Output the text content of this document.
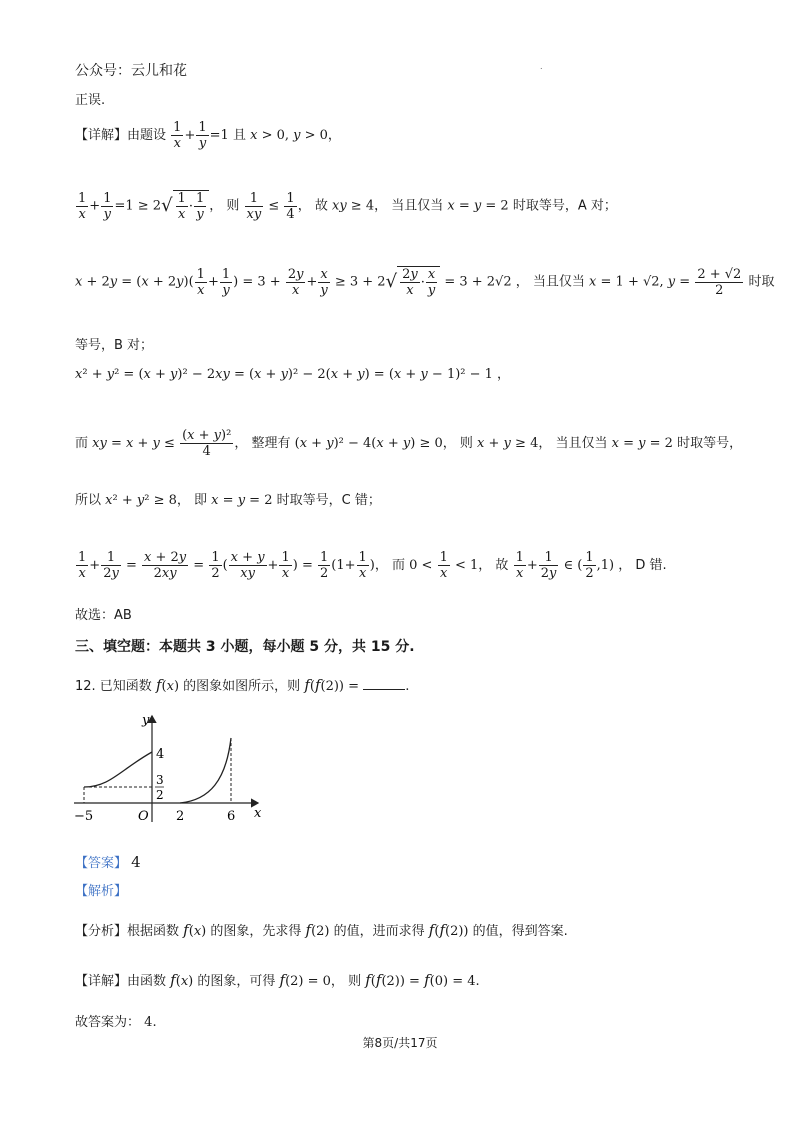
公众号：云儿和花	.
正误.
【详解】由题设 $\frac{1}{x} + \frac{1}{y} =1$ 且 x > 0, y > 0，
$\frac{1}{x} + \frac{1}{y} =1 \ge 2√ \frac{1}{x} \cdot \frac{1}{y}$ ， 则 $\frac{1}{xy} \le \frac{1}{4}$ ， 故 xy ≥ 4， 当且仅当 x = y = 2 时取等号，A 对；
$x + 2y = (x + 2y)( \frac{1}{x} + \frac{1}{y}$ ) = $3 + \frac{2y}{x} + \frac{x}{y} \ge 3 + 2√ \frac{2y}{x} \cdot \frac{x}{y} = 3 + 2√2$ ， 当且仅当 x = 1 + √2, $y = \frac{2 + √2}{2}$ 时取
等号，B 对；
x² + y² = (x + y)² − 2xy = (x + y)² − 2(x + y) = (x + y − 1)² − 1 ，
而 xy = $x + y \le \frac{\text{(x + y)²}}{4}$ ， 整理有 (x + y)² − 4(x + y) ≥ 0， 则 x + y ≥ 4， 当且仅当 x = y = 2 时取等号，
所以 x² + y² ≥ 8， 即 x = y = 2 时取等号，C 错；
$\frac{1}{x} + \frac{1}{2y} = \frac{x + 2y}{2xy} = \frac{1}{2}$ ( $\frac{x + y}{xy} + \frac{1}{x}$ ) = $\frac{1}{2} (1+ \frac{1}{x}$ )， 而 $0 < \frac{1}{x} < 1$， 故 $\frac{1}{x} + \frac{1}{2y}$ ∈ ( $\frac{1}{2} ,1$) ， D 错.
故选：AB
三、填空题：本题共 3 小题，每小题 5 分，共 15 分.
12. 已知函数 f(x) 的图象如图所示，则 f(f(2)) =	.
y
x
4
3
2
−5	O 2	6
【答案】 4
【解析】
【分析】根据函数 f(x) 的图象，先求得 f(2) 的值，进而求得 f(f(2)) 的值，得到答案.
【详解】由函数 f(x) 的图象，可得 f(2) = 0， 则 f(f(2)) = f(0) = 4.
故答案为： 4.
第8页/共17页
